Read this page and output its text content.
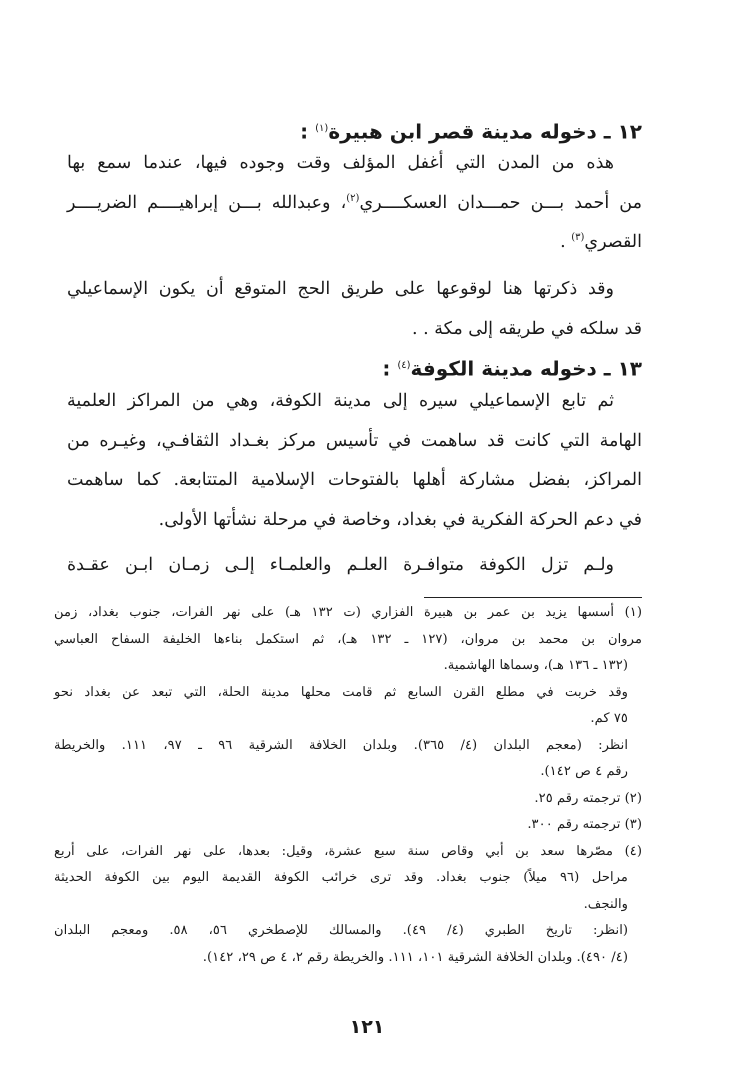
١٢ ـ دخوله مدينة قصر ابن هبيرة$^{(١)}$ :
هذه من المدن التي أغفل المؤلف وقت وجوده فيها، عندما سمع بها
من أحمد بـــن حمـــدان العسكــــري$^{(٢)}$، وعبدالله بـــن إبراهيــــم الضريــــر
القصري$^{(٣)}$ .
وقد ذكرتها هنا لوقوعها على طريق الحج المتوقع أن يكون الإسماعيلي
قد سلكه في طريقه إلى مكة . .
١٣ ـ دخوله مدينة الكوفة$^{(٤)}$ :
ثم تابع الإسماعيلي سيره إلى مدينة الكوفة، وهي من المراكز العلمية
الهامة التي كانت قد ساهمت في تأسيس مركز بغـداد الثقافـي، وغيـره من
المراكز، بفضل مشاركة أهلها بالفتوحات الإسلامية المتتابعة. كما ساهمت
في دعم الحركة الفكرية في بغداد، وخاصة في مرحلة نشأتها الأولى.
ولـم تزل الكوفة متوافـرة العلـم والعلمـاء إلـى زمـان ابـن عقـدة
(١) أسسها يزيد بن عمر بن هبيرة الفزاري (ت ١٣٢ هـ) على نهر الفرات، جنوب بغداد، زمن
مروان بن محمد بن مروان، (١٢٧ ـ ١٣٢ هـ)، ثم استكمل بناءها الخليفة السفاح العباسي
(١٣٢ ـ ١٣٦ هـ)، وسماها الهاشمية.
وقد خربت في مطلع القرن السابع ثم قامت محلها مدينة الحلة، التي تبعد عن بغداد نحو
٧٥ كم.
انظر: (معجم البلدان (٤/ ٣٦٥). وبلدان الخلافة الشرقية ٩٦ ـ ٩٧، ١١١. والخريطة
رقم ٤ ص ١٤٢).
(٢) ترجمته رقم ٢٥.
(٣) ترجمته رقم ٣٠٠.
(٤) مصّرها سعد بن أبي وقاص سنة سبع عشرة، وقيل: بعدها، على نهر الفرات، على أربع
مراحل (٩٦ ميلاً) جنوب بغداد. وقد ترى خرائب الكوفة القديمة اليوم بين الكوفة الحديثة
والنجف.
(انظر: تاريخ الطبري (٤/ ٤٩). والمسالك للإصطخري ٥٦، ٥٨. ومعجم البلدان
(٤/ ٤٩٠). وبلدان الخلافة الشرقية ١٠١، ١١١. والخريطة رقم ٢، ٤ ص ٢٩، ١٤٢).
١٢١
